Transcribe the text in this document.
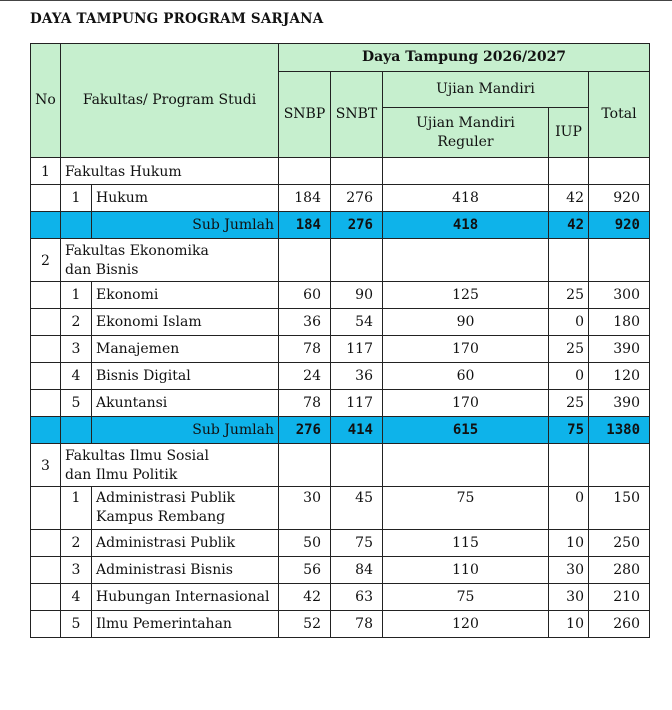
DAYA TAMPUNG PROGRAM SARJANA
No	Fakultas/ Program Studi		Daya Tampung 2026/2027				
			SNBP	SNBT	Ujian Mandiri		Total
					Ujian Mandiri Reguler	IUP	
1	Fakultas Hukum						
	1	Hukum	184	276	418	42	920
		Sub Jumlah	184	276	418	42	920
2	Fakultas Ekonomika dan Bisnis						
	1	Ekonomi	60	90	125	25	300
	2	Ekonomi Islam	36	54	90	0	180
	3	Manajemen	78	117	170	25	390
	4	Bisnis Digital	24	36	60	0	120
	5	Akuntansi	78	117	170	25	390
		Sub Jumlah	276	414	615	75	1380
3	Fakultas Ilmu Sosial dan Ilmu Politik						
	1	Administrasi Publik Kampus Rembang	30	45	75	0	150
	2	Administrasi Publik	50	75	115	10	250
	3	Administrasi Bisnis	56	84	110	30	280
	4	Hubungan Internasional	42	63	75	30	210
	5	Ilmu Pemerintahan	52	78	120	10	260
